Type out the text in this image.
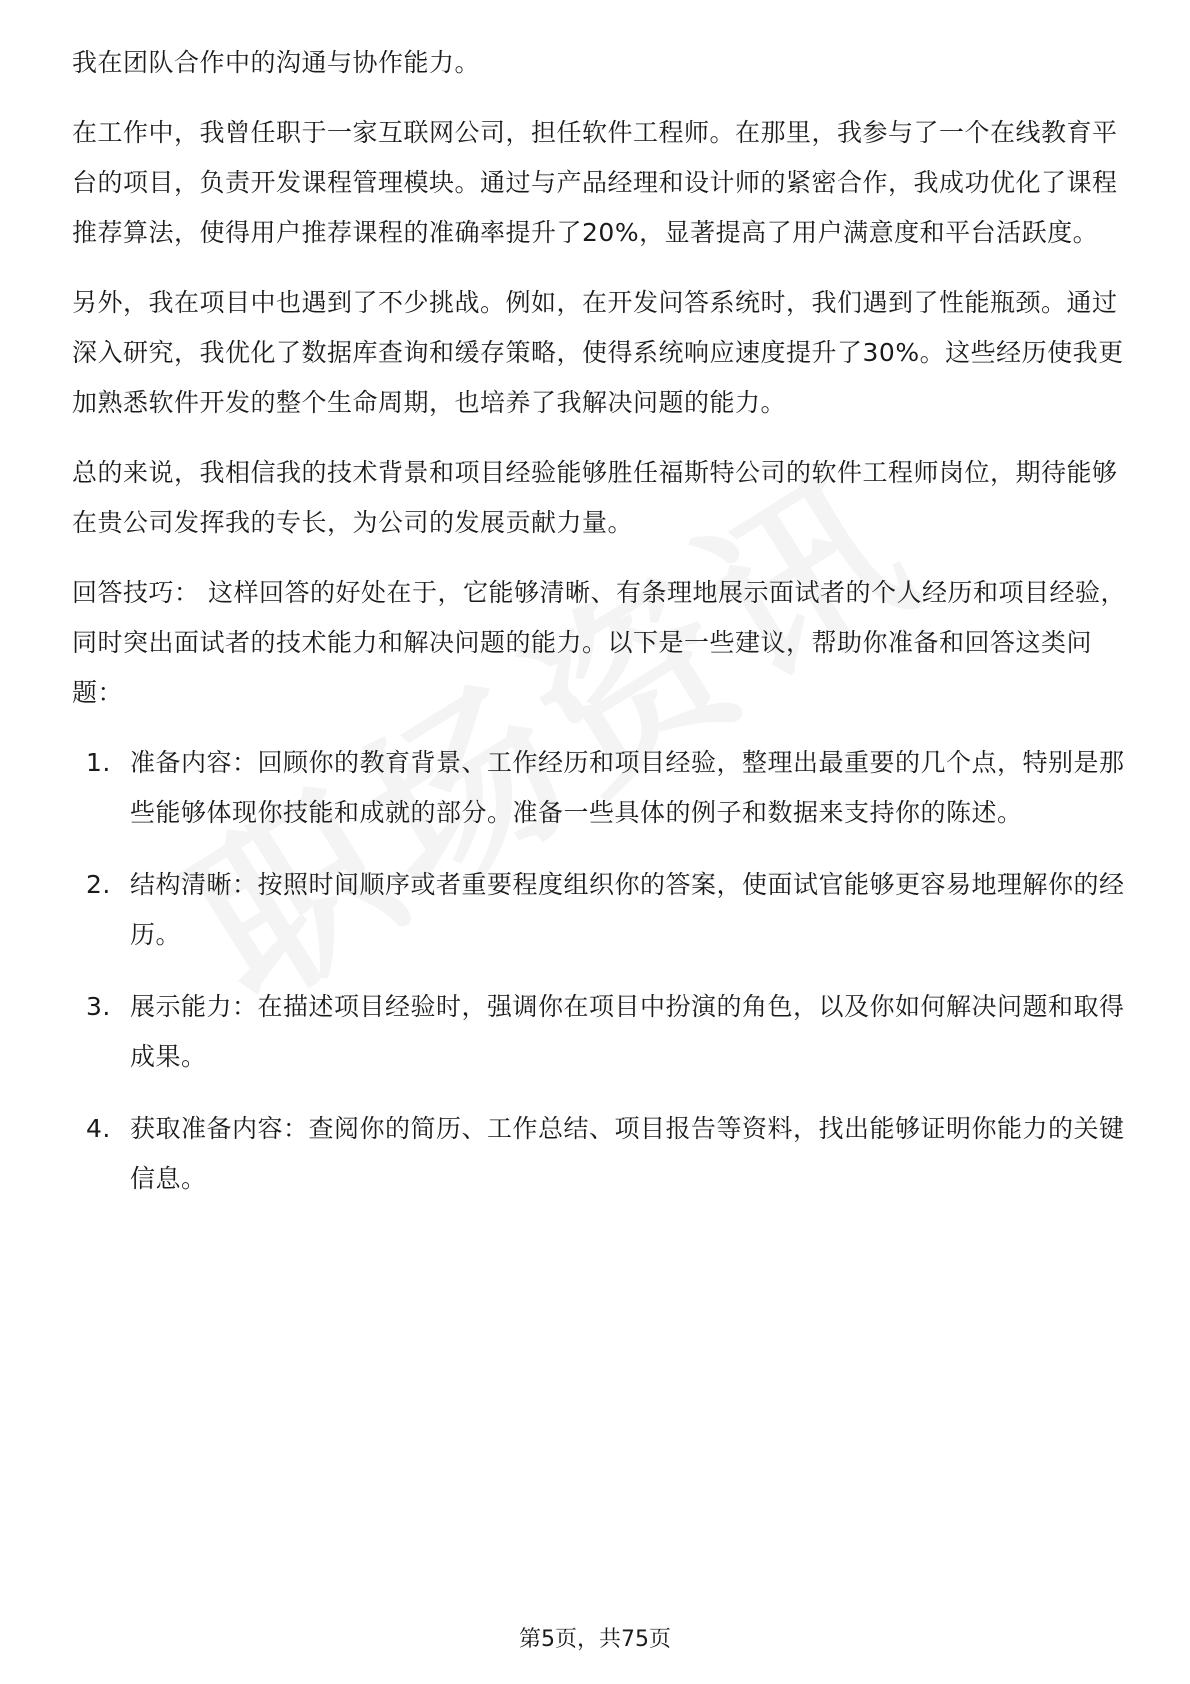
我在团队合作中的沟通与协作能力。

在工作中，我曾任职于一家互联网公司，担任软件工程师。在那里，我参与了一个在线教育平台的项目，负责开发课程管理模块。通过与产品经理和设计师的紧密合作，我成功优化了课程推荐算法，使得用户推荐课程的准确率提升了20%，显著提高了用户满意度和平台活跃度。

另外，我在项目中也遇到了不少挑战。例如，在开发问答系统时，我们遇到了性能瓶颈。通过深入研究，我优化了数据库查询和缓存策略，使得系统响应速度提升了30%。这些经历使我更加熟悉软件开发的整个生命周期，也培养了我解决问题的能力。

总的来说，我相信我的技术背景和项目经验能够胜任福斯特公司的软件工程师岗位，期待能够在贵公司发挥我的专长，为公司的发展贡献力量。

回答技巧： 这样回答的好处在于，它能够清晰、有条理地展示面试者的个人经历和项目经验，同时突出面试者的技术能力和解决问题的能力。以下是一些建议，帮助你准备和回答这类问题：

1. 准备内容：回顾你的教育背景、工作经历和项目经验，整理出最重要的几个点，特别是那些能够体现你技能和成就的部分。准备一些具体的例子和数据来支持你的陈述。
2. 结构清晰：按照时间顺序或者重要程度组织你的答案，使面试官能够更容易地理解你的经历。
3. 展示能力：在描述项目经验时，强调你在项目中扮演的角色，以及你如何解决问题和取得成果。
4. 获取准备内容：查阅你的简历、工作总结、项目报告等资料，找出能够证明你能力的关键信息。
第5页，共75页
